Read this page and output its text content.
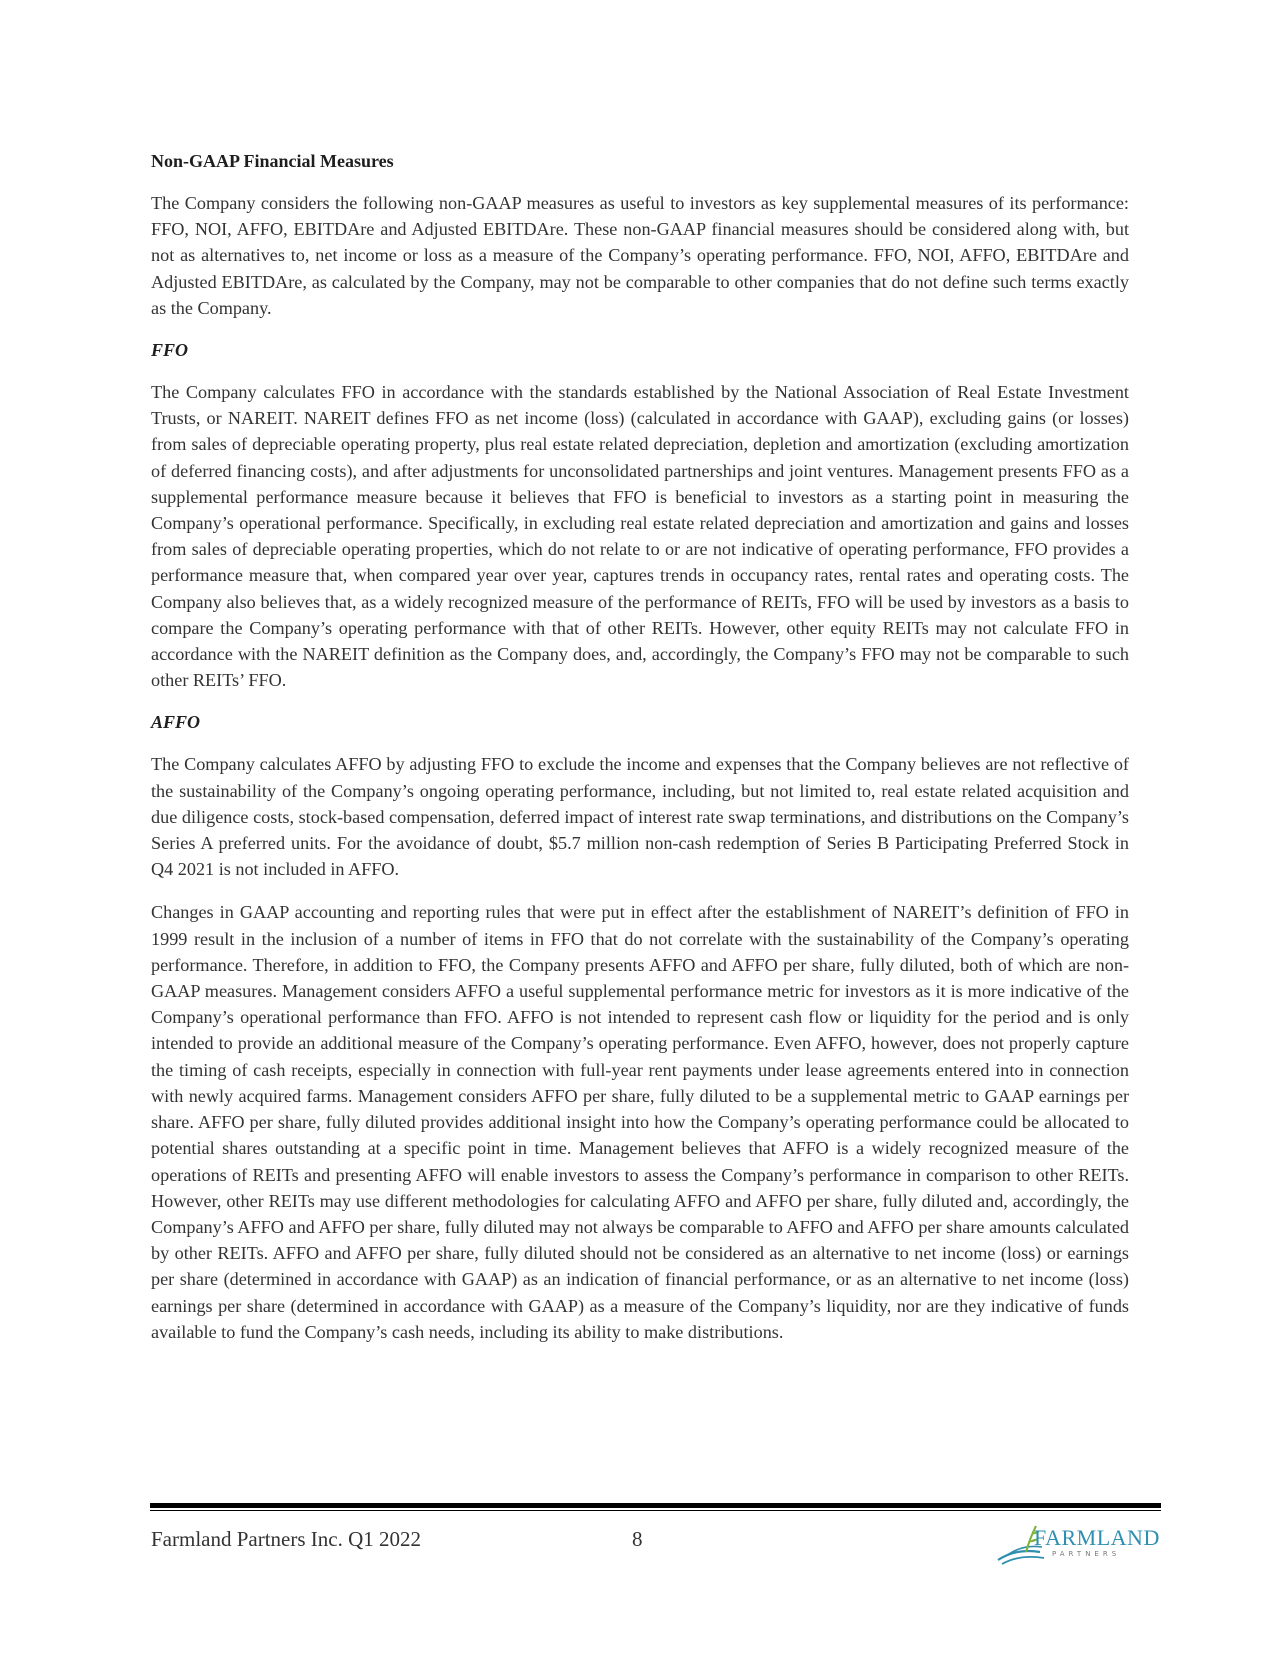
Non-GAAP Financial Measures

The Company considers the following non-GAAP measures as useful to investors as key supplemental measures of its performance: FFO, NOI, AFFO, EBITDAre and Adjusted EBITDAre. These non-GAAP financial measures should be considered along with, but not as alternatives to, net income or loss as a measure of the Company’s operating performance. FFO, NOI, AFFO, EBITDAre and Adjusted EBITDAre, as calculated by the Company, may not be comparable to other companies that do not define such terms exactly as the Company.

FFO

The Company calculates FFO in accordance with the standards established by the National Association of Real Estate Investment Trusts, or NAREIT. NAREIT defines FFO as net income (loss) (calculated in accordance with GAAP), excluding gains (or losses) from sales of depreciable operating property, plus real estate related depreciation, depletion and amortization (excluding amortization of deferred financing costs), and after adjustments for unconsolidated partnerships and joint ventures. Management presents FFO as a supplemental performance measure because it believes that FFO is beneficial to investors as a starting point in measuring the Company’s operational performance. Specifically, in excluding real estate related depreciation and amortization and gains and losses from sales of depreciable operating properties, which do not relate to or are not indicative of operating performance, FFO provides a performance measure that, when compared year over year, captures trends in occupancy rates, rental rates and operating costs. The Company also believes that, as a widely recognized measure of the performance of REITs, FFO will be used by investors as a basis to compare the Company’s operating performance with that of other REITs. However, other equity REITs may not calculate FFO in accordance with the NAREIT definition as the Company does, and, accordingly, the Company’s FFO may not be comparable to such other REITs’ FFO.

AFFO

The Company calculates AFFO by adjusting FFO to exclude the income and expenses that the Company believes are not reflective of the sustainability of the Company’s ongoing operating performance, including, but not limited to, real estate related acquisition and due diligence costs, stock-based compensation, deferred impact of interest rate swap terminations, and distributions on the Company’s Series A preferred units. For the avoidance of doubt, $5.7 million non-cash redemption of Series B Participating Preferred Stock in Q4 2021 is not included in AFFO.

Changes in GAAP accounting and reporting rules that were put in effect after the establishment of NAREIT’s definition of FFO in 1999 result in the inclusion of a number of items in FFO that do not correlate with the sustainability of the Company’s operating performance. Therefore, in addition to FFO, the Company presents AFFO and AFFO per share, fully diluted, both of which are non-GAAP measures. Management considers AFFO a useful supplemental performance metric for investors as it is more indicative of the Company’s operational performance than FFO. AFFO is not intended to represent cash flow or liquidity for the period and is only intended to provide an additional measure of the Company’s operating performance. Even AFFO, however, does not properly capture the timing of cash receipts, especially in connection with full-year rent payments under lease agreements entered into in connection with newly acquired farms. Management considers AFFO per share, fully diluted to be a supplemental metric to GAAP earnings per share. AFFO per share, fully diluted provides additional insight into how the Company’s operating performance could be allocated to potential shares outstanding at a specific point in time. Management believes that AFFO is a widely recognized measure of the operations of REITs and presenting AFFO will enable investors to assess the Company’s performance in comparison to other REITs. However, other REITs may use different methodologies for calculating AFFO and AFFO per share, fully diluted and, accordingly, the Company’s AFFO and AFFO per share, fully diluted may not always be comparable to AFFO and AFFO per share amounts calculated by other REITs. AFFO and AFFO per share, fully diluted should not be considered as an alternative to net income (loss) or earnings per share (determined in accordance with GAAP) as an indication of financial performance, or as an alternative to net income (loss) earnings per share (determined in accordance with GAAP) as a measure of the Company’s liquidity, nor are they indicative of funds available to fund the Company’s cash needs, including its ability to make distributions.

Farmland Partners Inc. Q1 2022	8	FARMLAND
PARTNERS
